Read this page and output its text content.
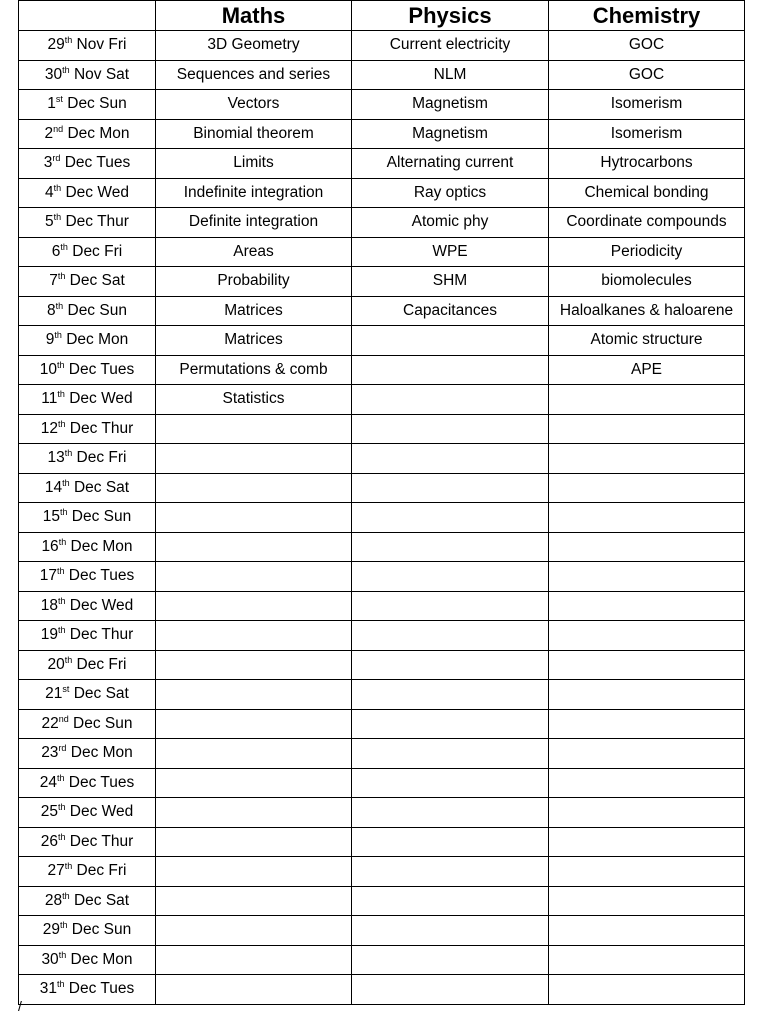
	Maths	Physics	Chemistry
29th Nov Fri	3D Geometry	Current electricity	GOC
30th Nov Sat	Sequences and series	NLM	GOC
1st Dec Sun	Vectors	Magnetism	Isomerism
2nd Dec Mon	Binomial theorem	Magnetism	Isomerism
3rd Dec Tues	Limits	Alternating current	Hytrocarbons
4th Dec Wed	Indefinite integration	Ray optics	Chemical bonding
5th Dec Thur	Definite integration	Atomic phy	Coordinate compounds
6th Dec Fri	Areas	WPE	Periodicity
7th Dec Sat	Probability	SHM	biomolecules
8th Dec Sun	Matrices	Capacitances	Haloalkanes & haloarene
9th Dec Mon	Matrices		Atomic structure
10th Dec Tues	Permutations & comb		APE
11th Dec Wed	Statistics		
12th Dec Thur			
13th Dec Fri			
14th Dec Sat			
15th Dec Sun			
16th Dec Mon			
17th Dec Tues			
18th Dec Wed			
19th Dec Thur			
20th Dec Fri			
21st Dec Sat			
22nd Dec Sun			
23rd Dec Mon			
24th Dec Tues			
25th Dec Wed			
26th Dec Thur			
27th Dec Fri			
28th Dec Sat			
29th Dec Sun			
30th Dec Mon			
31th Dec Tues			
/
